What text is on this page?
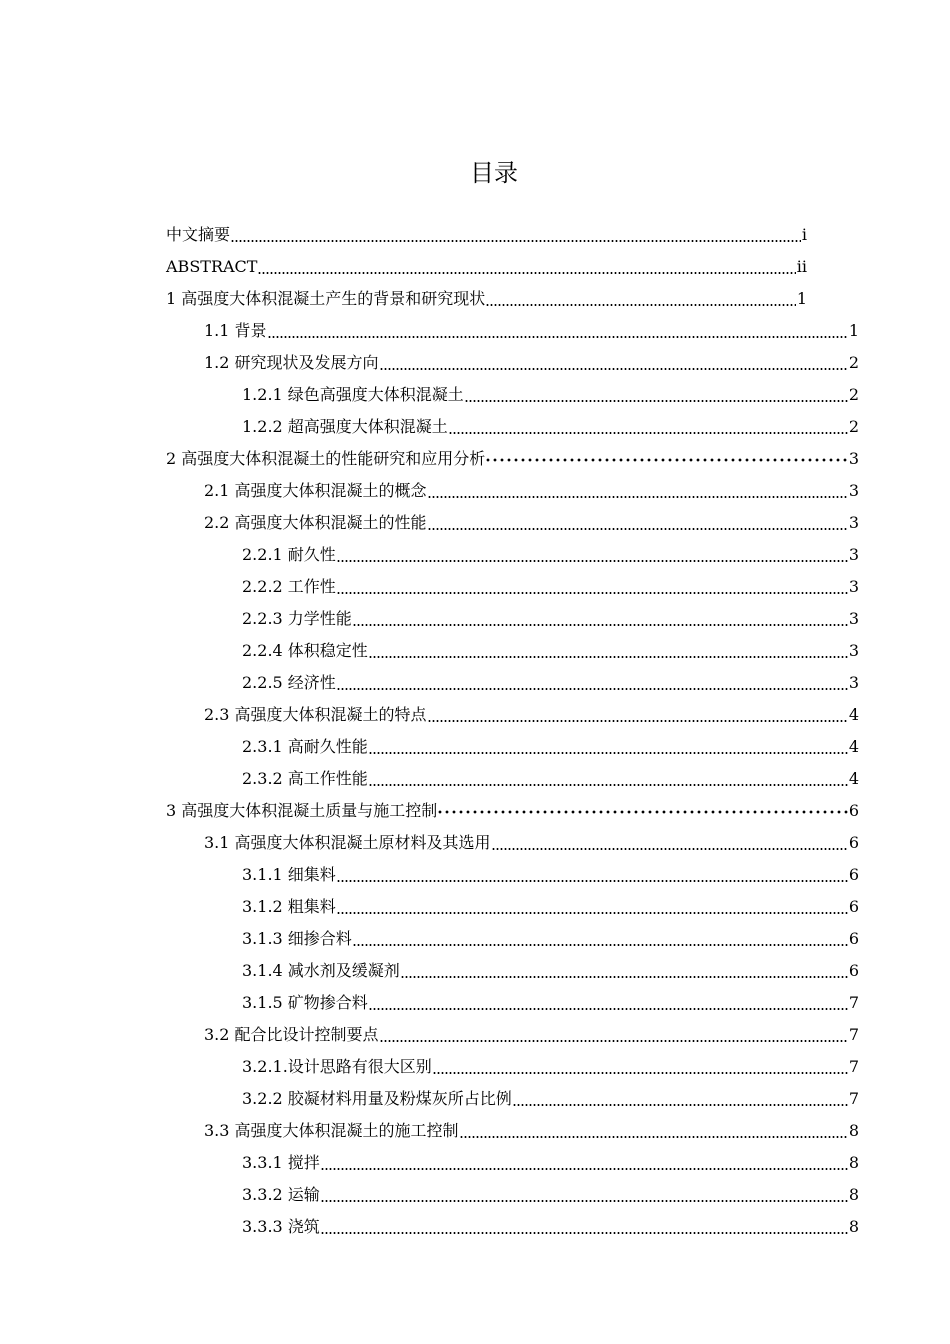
目录
中文摘要	i
ABSTRACT	ii
1 高强度大体积混凝土产生的背景和研究现状	1
1.1 背景	1
1.2 研究现状及发展方向	2
1.2.1 绿色高强度大体积混凝土	2
1.2.2 超高强度大体积混凝土	2
2 高强度大体积混凝土的性能研究和应用分析	3
2.1 高强度大体积混凝土的概念	3
2.2 高强度大体积混凝土的性能	3
2.2.1 耐久性	3
2.2.2 工作性	3
2.2.3 力学性能	3
2.2.4 体积稳定性	3
2.2.5 经济性	3
2.3 高强度大体积混凝土的特点	4
2.3.1 高耐久性能	4
2.3.2 高工作性能	4
3 高强度大体积混凝土质量与施工控制	6
3.1 高强度大体积混凝土原材料及其选用	6
3.1.1 细集料	6
3.1.2 粗集料	6
3.1.3 细掺合料	6
3.1.4 减水剂及缓凝剂	6
3.1.5 矿物掺合料	7
3.2 配合比设计控制要点	7
3.2.1.设计思路有很大区别	7
3.2.2 胶凝材料用量及粉煤灰所占比例	7
3.3 高强度大体积混凝土的施工控制	8
3.3.1 搅拌	8
3.3.2 运输	8
3.3.3 浇筑	8
